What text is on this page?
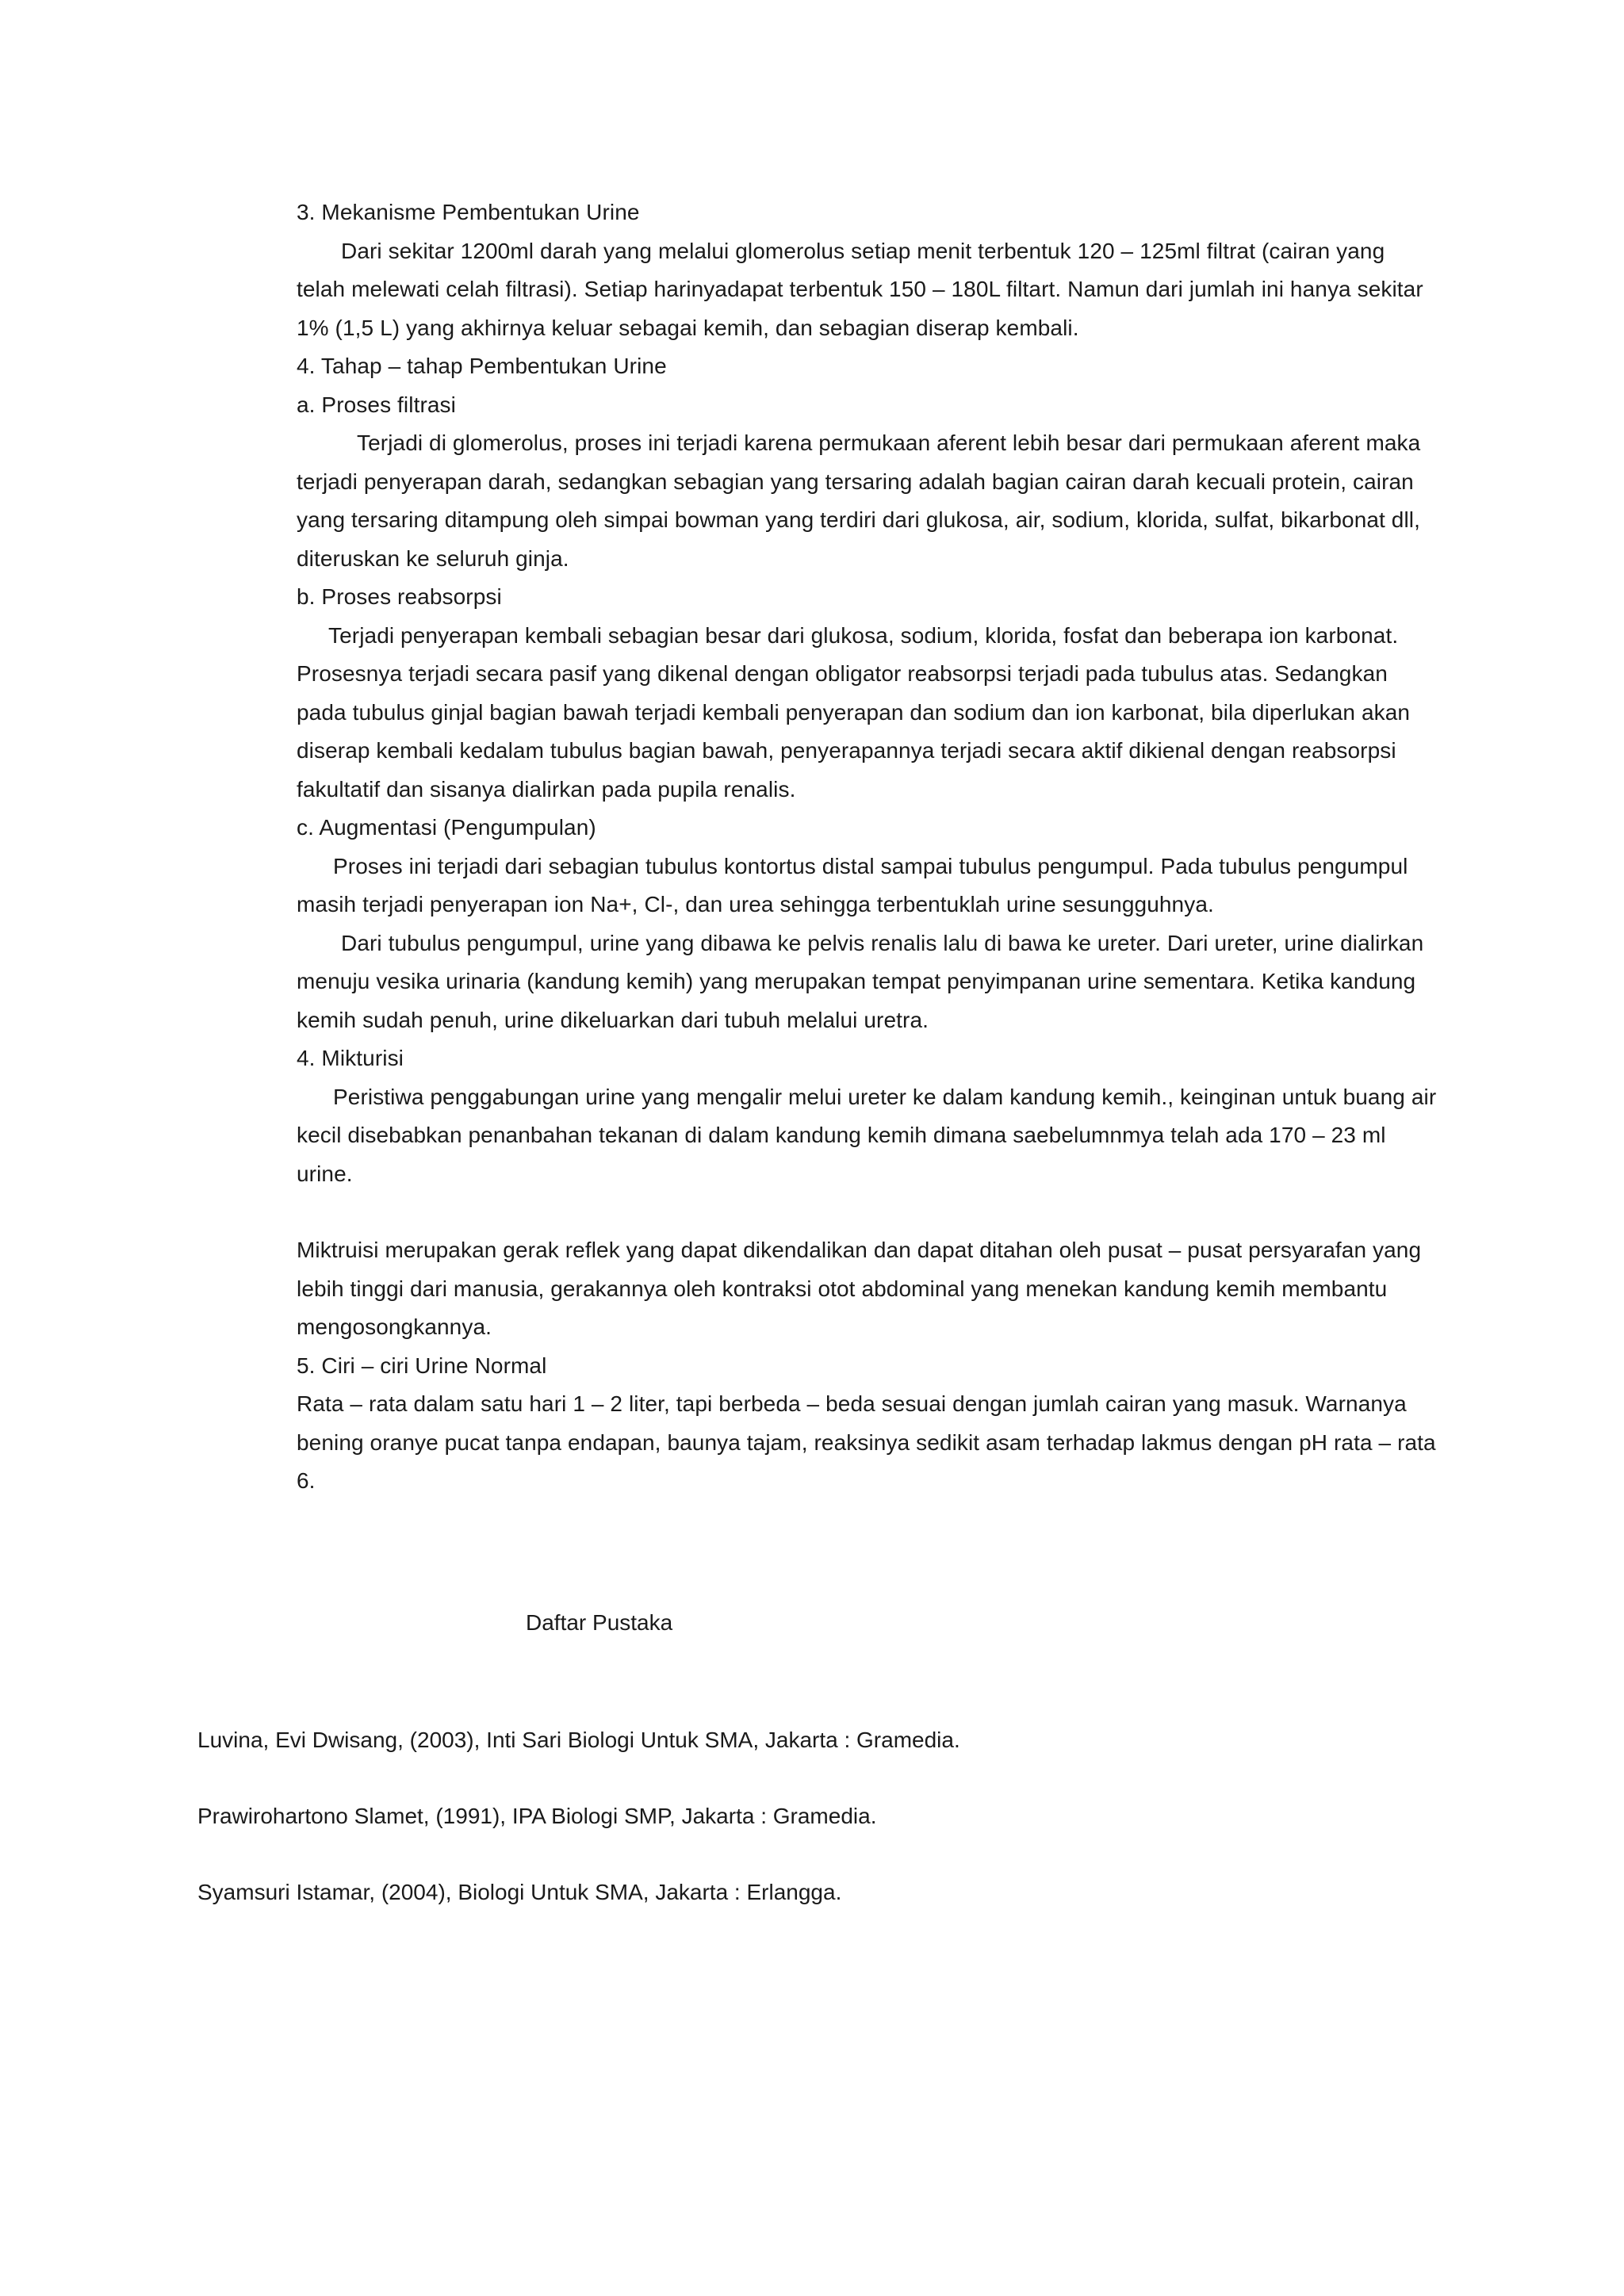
3. Mekanisme Pembentukan Urine

Dari sekitar 1200ml darah yang melalui glomerolus setiap menit terbentuk 120 – 125ml filtrat (cairan yang telah melewati celah filtrasi). Setiap harinyadapat terbentuk 150 – 180L filtart. Namun dari jumlah ini hanya sekitar 1% (1,5 L) yang akhirnya keluar sebagai kemih, dan sebagian diserap kembali.

4. Tahap – tahap Pembentukan Urine

a. Proses filtrasi

Terjadi di glomerolus, proses ini terjadi karena permukaan aferent lebih besar dari permukaan aferent maka terjadi penyerapan darah, sedangkan sebagian yang tersaring adalah bagian cairan darah kecuali protein, cairan yang tersaring ditampung oleh simpai bowman yang terdiri dari glukosa, air, sodium, klorida, sulfat, bikarbonat dll, diteruskan ke seluruh ginja.

b. Proses reabsorpsi

Terjadi penyerapan kembali sebagian besar dari glukosa, sodium, klorida, fosfat dan beberapa ion karbonat. Prosesnya terjadi secara pasif yang dikenal dengan obligator reabsorpsi terjadi pada tubulus atas. Sedangkan pada tubulus ginjal bagian bawah terjadi kembali penyerapan dan sodium dan ion karbonat, bila diperlukan akan diserap kembali kedalam tubulus bagian bawah, penyerapannya terjadi secara aktif dikienal dengan reabsorpsi fakultatif dan sisanya dialirkan pada pupila renalis.

c. Augmentasi (Pengumpulan)

Proses ini terjadi dari sebagian tubulus kontortus distal sampai tubulus pengumpul. Pada tubulus pengumpul masih terjadi penyerapan ion Na+, Cl-, dan urea sehingga terbentuklah urine sesungguhnya.

Dari tubulus pengumpul, urine yang dibawa ke pelvis renalis lalu di bawa ke ureter. Dari ureter, urine dialirkan menuju vesika urinaria (kandung kemih) yang merupakan tempat penyimpanan urine sementara. Ketika kandung kemih sudah penuh, urine dikeluarkan dari tubuh melalui uretra.

4. Mikturisi

Peristiwa penggabungan urine yang mengalir melui ureter ke dalam kandung kemih., keinginan untuk buang air kecil disebabkan penanbahan tekanan di dalam kandung kemih dimana saebelumnmya telah ada 170 – 23 ml urine.

Miktruisi merupakan gerak reflek yang dapat dikendalikan dan dapat ditahan oleh pusat – pusat persyarafan yang lebih tinggi dari manusia, gerakannya oleh kontraksi otot abdominal yang menekan kandung kemih membantu mengosongkannya.

5. Ciri – ciri Urine Normal

Rata – rata dalam satu hari 1 – 2 liter, tapi berbeda – beda sesuai dengan jumlah cairan yang masuk. Warnanya bening oranye pucat tanpa endapan, baunya tajam, reaksinya sedikit asam terhadap lakmus dengan pH rata – rata 6.

Daftar Pustaka

Luvina, Evi Dwisang, (2003), Inti Sari Biologi Untuk SMA, Jakarta : Gramedia.

Prawirohartono Slamet, (1991), IPA Biologi SMP, Jakarta : Gramedia.

Syamsuri Istamar, (2004), Biologi Untuk SMA, Jakarta : Erlangga.
